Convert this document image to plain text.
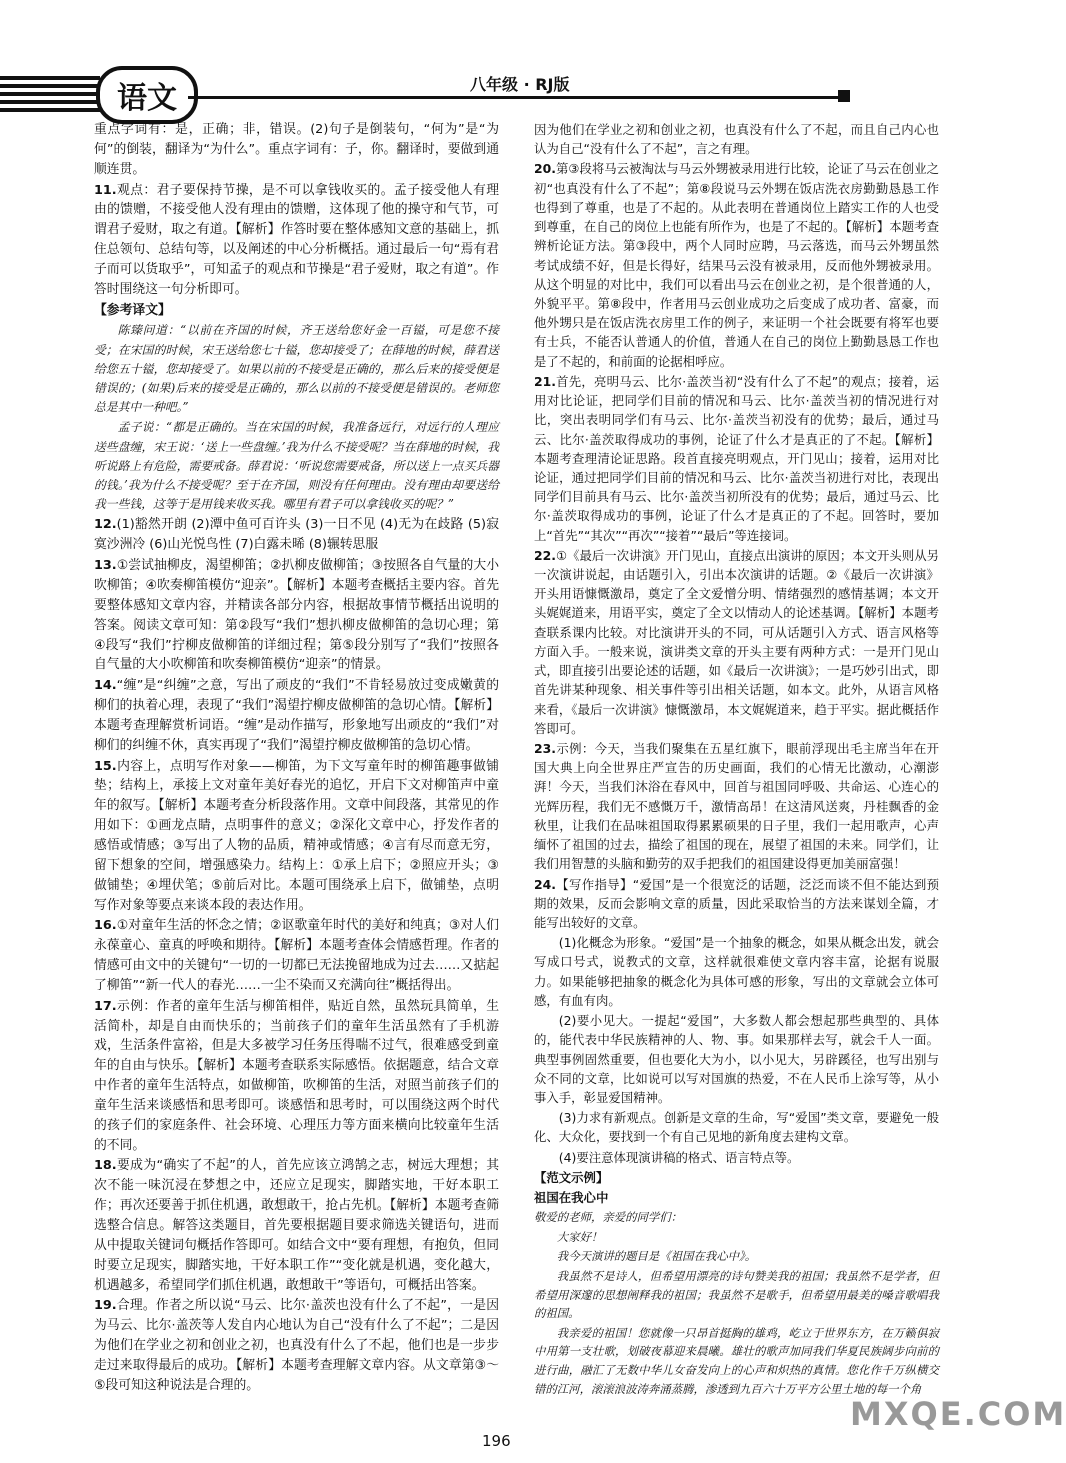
语文	八年级 · RJ版

重点字词有：是，正确；非，错误。(2)句子是倒装句，“何为”是“为何”的倒装，翻译为“为什么”。重点字词有：子，你。翻译时，要做到通顺连贯。

11.观点：君子要保持节操，是不可以拿钱收买的。孟子接受他人有理由的馈赠，不接受他人没有理由的馈赠，这体现了他的操守和气节，可谓君子爱财，取之有道。【解析】作答时要在整体感知文意的基础上，抓住总领句、总结句等，以及阐述的中心分析概括。通过最后一句“焉有君子而可以货取乎”，可知孟子的观点和节操是“君子爱财，取之有道”。作答时围绕这一句分析即可。

【参考译文】

陈臻问道：“以前在齐国的时候，齐王送给您好金一百镒，可是您不接受；在宋国的时候，宋王送给您七十镒，您却接受了；在薛地的时候，薛君送给您五十镒，您却接受了。如果以前的不接受是正确的，那么后来的接受便是错误的；(如果)后来的接受是正确的，那么以前的不接受便是错误的。老师您总是其中一种吧。”

孟子说：“都是正确的。当在宋国的时候，我准备远行，对远行的人理应送些盘缠，宋王说：‘送上一些盘缠。’我为什么不接受呢？当在薛地的时候，我听说路上有危险，需要戒备。薛君说：‘听说您需要戒备，所以送上一点买兵器的钱。’我为什么不接受呢？至于在齐国，则没有任何理由。没有理由却要送给我一些钱，这等于是用钱来收买我。哪里有君子可以拿钱收买的呢？”

12.(1)豁然开朗 (2)潭中鱼可百许头 (3)一日不见 (4)无为在歧路 (5)寂寞沙洲冷 (6)山光悦鸟性 (7)白露未晞 (8)辗转思服

13.①尝试抽柳皮，渴望柳笛；②扒柳皮做柳笛；③按照各自气量的大小吹柳笛；④吹奏柳笛模仿“迎亲”。【解析】本题考查概括主要内容。首先要整体感知文章内容，并精读各部分内容，根据故事情节概括出说明的答案。阅读文章可知：第②段写“我们”想扒柳皮做柳笛的急切心理；第④段写“我们”拧柳皮做柳笛的详细过程；第⑤段分别写了“我们”按照各自气量的大小吹柳笛和吹奏柳笛模仿“迎亲”的情景。

14.“缠”是“纠缠”之意，写出了顽皮的“我们”不肯轻易放过变成嫩黄的柳们的执着心理，表现了“我们”渴望拧柳皮做柳笛的急切心情。【解析】本题考查理解赏析词语。“缠”是动作描写，形象地写出顽皮的“我们”对柳们的纠缠不休，真实再现了“我们”渴望拧柳皮做柳笛的急切心情。

15.内容上，点明写作对象——柳笛，为下文写童年时的柳笛趣事做铺垫；结构上，承接上文对童年美好春光的追忆，开启下文对柳笛声中童年的叙写。【解析】本题考查分析段落作用。文章中间段落，其常见的作用如下：①画龙点睛，点明事件的意义；②深化文章中心，抒发作者的感悟或情感；③写出了人物的品质，精神或情感；④言有尽而意无穷，留下想象的空间，增强感染力。结构上：①承上启下；②照应开头；③做铺垫；④埋伏笔；⑤前后对比。本题可围绕承上启下，做铺垫，点明写作对象等要点来谈本段的表达作用。

16.①对童年生活的怀念之情；②讴歌童年时代的美好和纯真；③对人们永葆童心、童真的呼唤和期待。【解析】本题考查体会情感哲理。作者的情感可由文中的关键句“一切的一切都已无法挽留地成为过去……又掂起了柳笛”“新一代人的春光……一尘不染而又充满向往”概括得出。

17.示例：作者的童年生活与柳笛相伴，贴近自然，虽然玩具简单，生活简朴，却是自由而快乐的；当前孩子们的童年生活虽然有了手机游戏，生活条件富裕，但是大多被学习任务压得喘不过气，很难感受到童年的自由与快乐。【解析】本题考查联系实际感悟。依据题意，结合文章中作者的童年生活特点，如做柳笛，吹柳笛的生活，对照当前孩子们的童年生活来谈感悟和思考即可。谈感悟和思考时，可以围绕这两个时代的孩子们的家庭条件、社会环境、心理压力等方面来横向比较童年生活的不同。

18.要成为“确实了不起”的人，首先应该立鸿鹄之志，树远大理想；其次不能一味沉浸在梦想之中，还应立足现实，脚踏实地，干好本职工作；再次还要善于抓住机遇，敢想敢干，抢占先机。【解析】本题考查筛选整合信息。解答这类题目，首先要根据题目要求筛选关键语句，进而从中提取关键词句概括作答即可。如结合文中“要有理想，有抱负，但同时要立足现实，脚踏实地，干好本职工作”“变化就是机遇，变化越大，机遇越多，希望同学们抓住机遇，敢想敢干”等语句，可概括出答案。

19.合理。作者之所以说“马云、比尔·盖茨也没有什么了不起”，一是因为马云、比尔·盖茨等人发自内心地认为自己“没有什么了不起”；二是因为他们在学业之初和创业之初，也真没有什么了不起，他们也是一步步走过来取得最后的成功。【解析】本题考查理解文章内容。从文章第③～⑤段可知这种说法是合理的。

因为他们在学业之初和创业之初，也真没有什么了不起，而且自己内心也认为自己“没有什么了不起”，言之有理。

20.第③段将马云被淘汰与马云外甥被录用进行比较，论证了马云在创业之初“也真没有什么了不起”；第⑧段说马云外甥在饭店洗衣房勤勤恳恳工作也得到了尊重，也是了不起的。从此表明在普通岗位上踏实工作的人也受到尊重，在自己的岗位上也能有所作为，也是了不起的。【解析】本题考查辨析论证方法。第③段中，两个人同时应聘，马云落选，而马云外甥虽然考试成绩不好，但是长得好，结果马云没有被录用，反而他外甥被录用。从这个明显的对比中，我们可以看出马云在创业之初，是个很普通的人，外貌平平。第⑧段中，作者用马云创业成功之后变成了成功者、富豪，而他外甥只是在饭店洗衣房里工作的例子，来证明一个社会既要有将军也要有士兵，不能否认普通人的价值，普通人在自己的岗位上勤勤恳恳工作也是了不起的，和前面的论据相呼应。

21.首先，亮明马云、比尔·盖茨当初“没有什么了不起”的观点；接着，运用对比论证，把同学们目前的情况和马云、比尔·盖茨当初的情况进行对比，突出表明同学们有马云、比尔·盖茨当初没有的优势；最后，通过马云、比尔·盖茨取得成功的事例，论证了什么才是真正的了不起。【解析】本题考查理清论证思路。段首直接亮明观点，开门见山；接着，运用对比论证，通过把同学们目前的情况和马云、比尔·盖茨当初进行对比，表现出同学们目前具有马云、比尔·盖茨当初所没有的优势；最后，通过马云、比尔·盖茨取得成功的事例，论证了什么才是真正的了不起。回答时，要加上“首先”“其次”“再次”“接着”“最后”等连接词。

22.①《最后一次讲演》开门见山，直接点出演讲的原因；本文开头则从另一次演讲说起，由话题引入，引出本次演讲的话题。②《最后一次讲演》开头用语慷慨激昂，奠定了全文爱憎分明、情绪强烈的感情基调；本文开头娓娓道来，用语平实，奠定了全文以情动人的论述基调。【解析】本题考查联系课内比较。对比演讲开头的不同，可从话题引入方式、语言风格等方面入手。一般来说，演讲类文章的开头主要有两种方式：一是开门见山式，即直接引出要论述的话题，如《最后一次讲演》；一是巧妙引出式，即首先讲某种现象、相关事件等引出相关话题，如本文。此外，从语言风格来看，《最后一次讲演》慷慨激昂，本文娓娓道来，趋于平实。据此概括作答即可。

23.示例：今天，当我们聚集在五星红旗下，眼前浮现出毛主席当年在开国大典上向全世界庄严宣告的历史画面，我们的心情无比激动，心潮澎湃！今天，当我们沐浴在春风中，回首与祖国同呼吸、共命运、心连心的光辉历程，我们无不感慨万千，激情高昂！在这清风送爽，丹桂飘香的金秋里，让我们在品味祖国取得累累硕果的日子里，我们一起用歌声，心声缅怀了祖国的过去，描绘了祖国的现在，展望了祖国的未来。同学们，让我们用智慧的头脑和勤劳的双手把我们的祖国建设得更加美丽富强！

24.【写作指导】“爱国”是一个很宽泛的话题，泛泛而谈不但不能达到预期的效果，反而会影响文章的质量，因此采取恰当的方法来谋划全篇，才能写出较好的文章。

(1)化概念为形象。“爱国”是一个抽象的概念，如果从概念出发，就会写成口号式，说教式的文章，这样就很难使文章内容丰富，论据有说服力。如果能够把抽象的概念化为具体可感的形象，写出的文章就会立体可感，有血有肉。

(2)要小见大。一提起“爱国”，大多数人都会想起那些典型的、具体的，能代表中华民族精神的人、物、事。如果那样去写，就会千人一面。典型事例固然重要，但也要化大为小，以小见大，另辟蹊径，也写出别与众不同的文章，比如说可以写对国旗的热爱，不在人民币上涂写等，从小事入手，彰显爱国精神。

(3)力求有新观点。创新是文章的生命，写“爱国”类文章，要避免一般化、大众化，要找到一个有自己见地的新角度去建构文章。

(4)要注意体现演讲稿的格式、语言特点等。

【范文示例】

祖国在我心中

敬爱的老师，亲爱的同学们：

大家好！

我今天演讲的题目是《祖国在我心中》。

我虽然不是诗人，但希望用漂亮的诗句赞美我的祖国；我虽然不是学者，但希望用深邃的思想阐释我的祖国；我虽然不是歌手，但希望用最美的嗓音歌唱我的祖国。

我亲爱的祖国！您就像一只昂首挺胸的雄鸡，屹立于世界东方，在万籁俱寂中用第一支壮歌，划破夜幕迎来晨曦。雄壮的歌声加同我们华夏民族阔步向前的进行曲，融汇了无数中华儿女奋发向上的心声和炽热的真情。您化作千万纵横交错的江河，滚滚浪波涛奔涌蒸腾，渗透到九百六十万平方公里土地的每一个角

196
MXQE.COM
